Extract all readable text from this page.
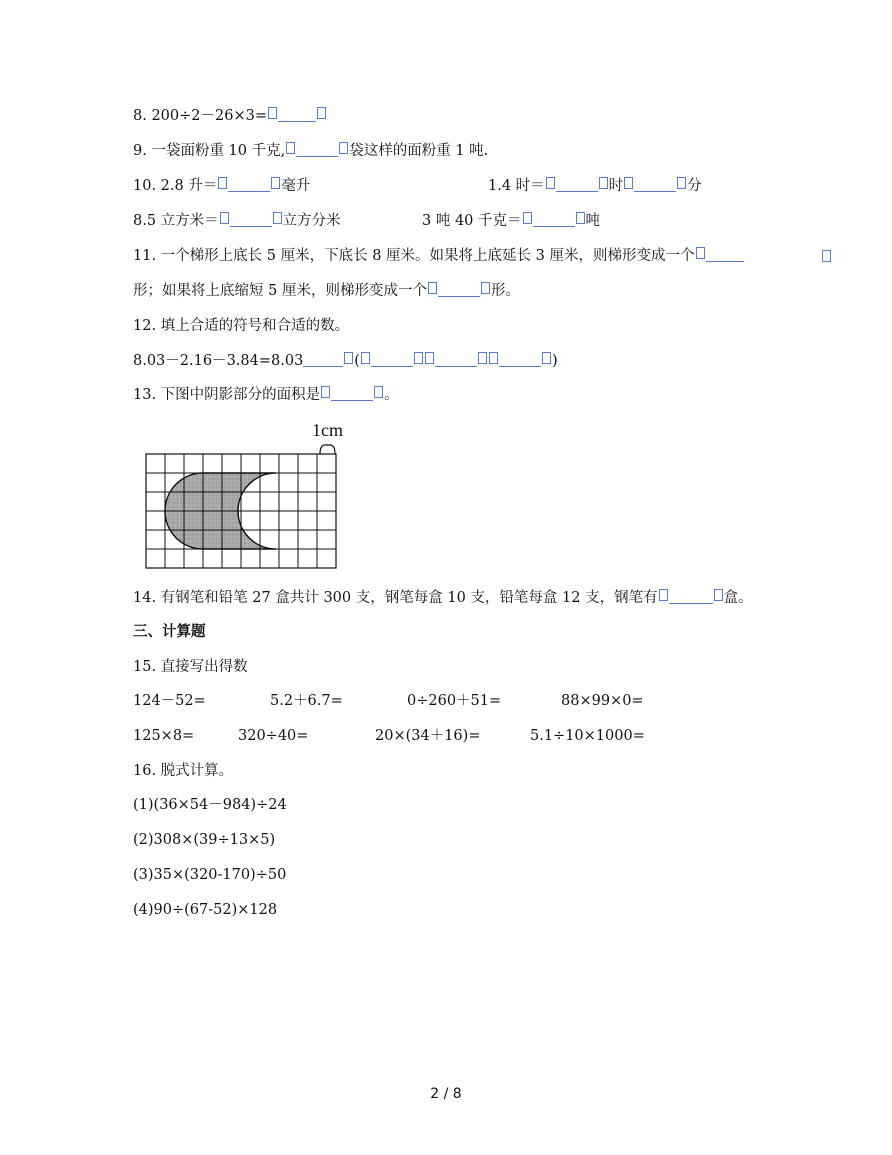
8. 200÷2－26×3=
9. 一袋面粉重 10 千克,	袋这样的面粉重 1 吨.
10. 2.8 升＝	毫升	1.4 时＝	时	分
8.5 立方米＝	立方分米	3 吨 40 千克＝	吨
11. 一个梯形上底长 5 厘米，下底长 8 厘米。如果将上底延长 3 厘米，则梯形变成一个
形；如果将上底缩短 5 厘米，则梯形变成一个	形。
12. 填上合适的符号和合适的数。
8.03－2.16－3.84=8.03	(	)
13. 下图中阴影部分的面积是	。
1cm
14. 有钢笔和铅笔 27 盒共计 300 支，钢笔每盒 10 支，铅笔每盒 12 支，钢笔有	盒。
三、计算题
15. 直接写出得数
124－52=	5.2＋6.7=	0÷260＋51=	88×99×0=
125×8=	320÷40=	20×(34＋16)=	5.1÷10×1000=
16. 脱式计算。
(1)(36×54－984)÷24
(2)308×(39÷13×5)
(3)35×(320-170)÷50
(4)90÷(67-52)×128
2 / 8
